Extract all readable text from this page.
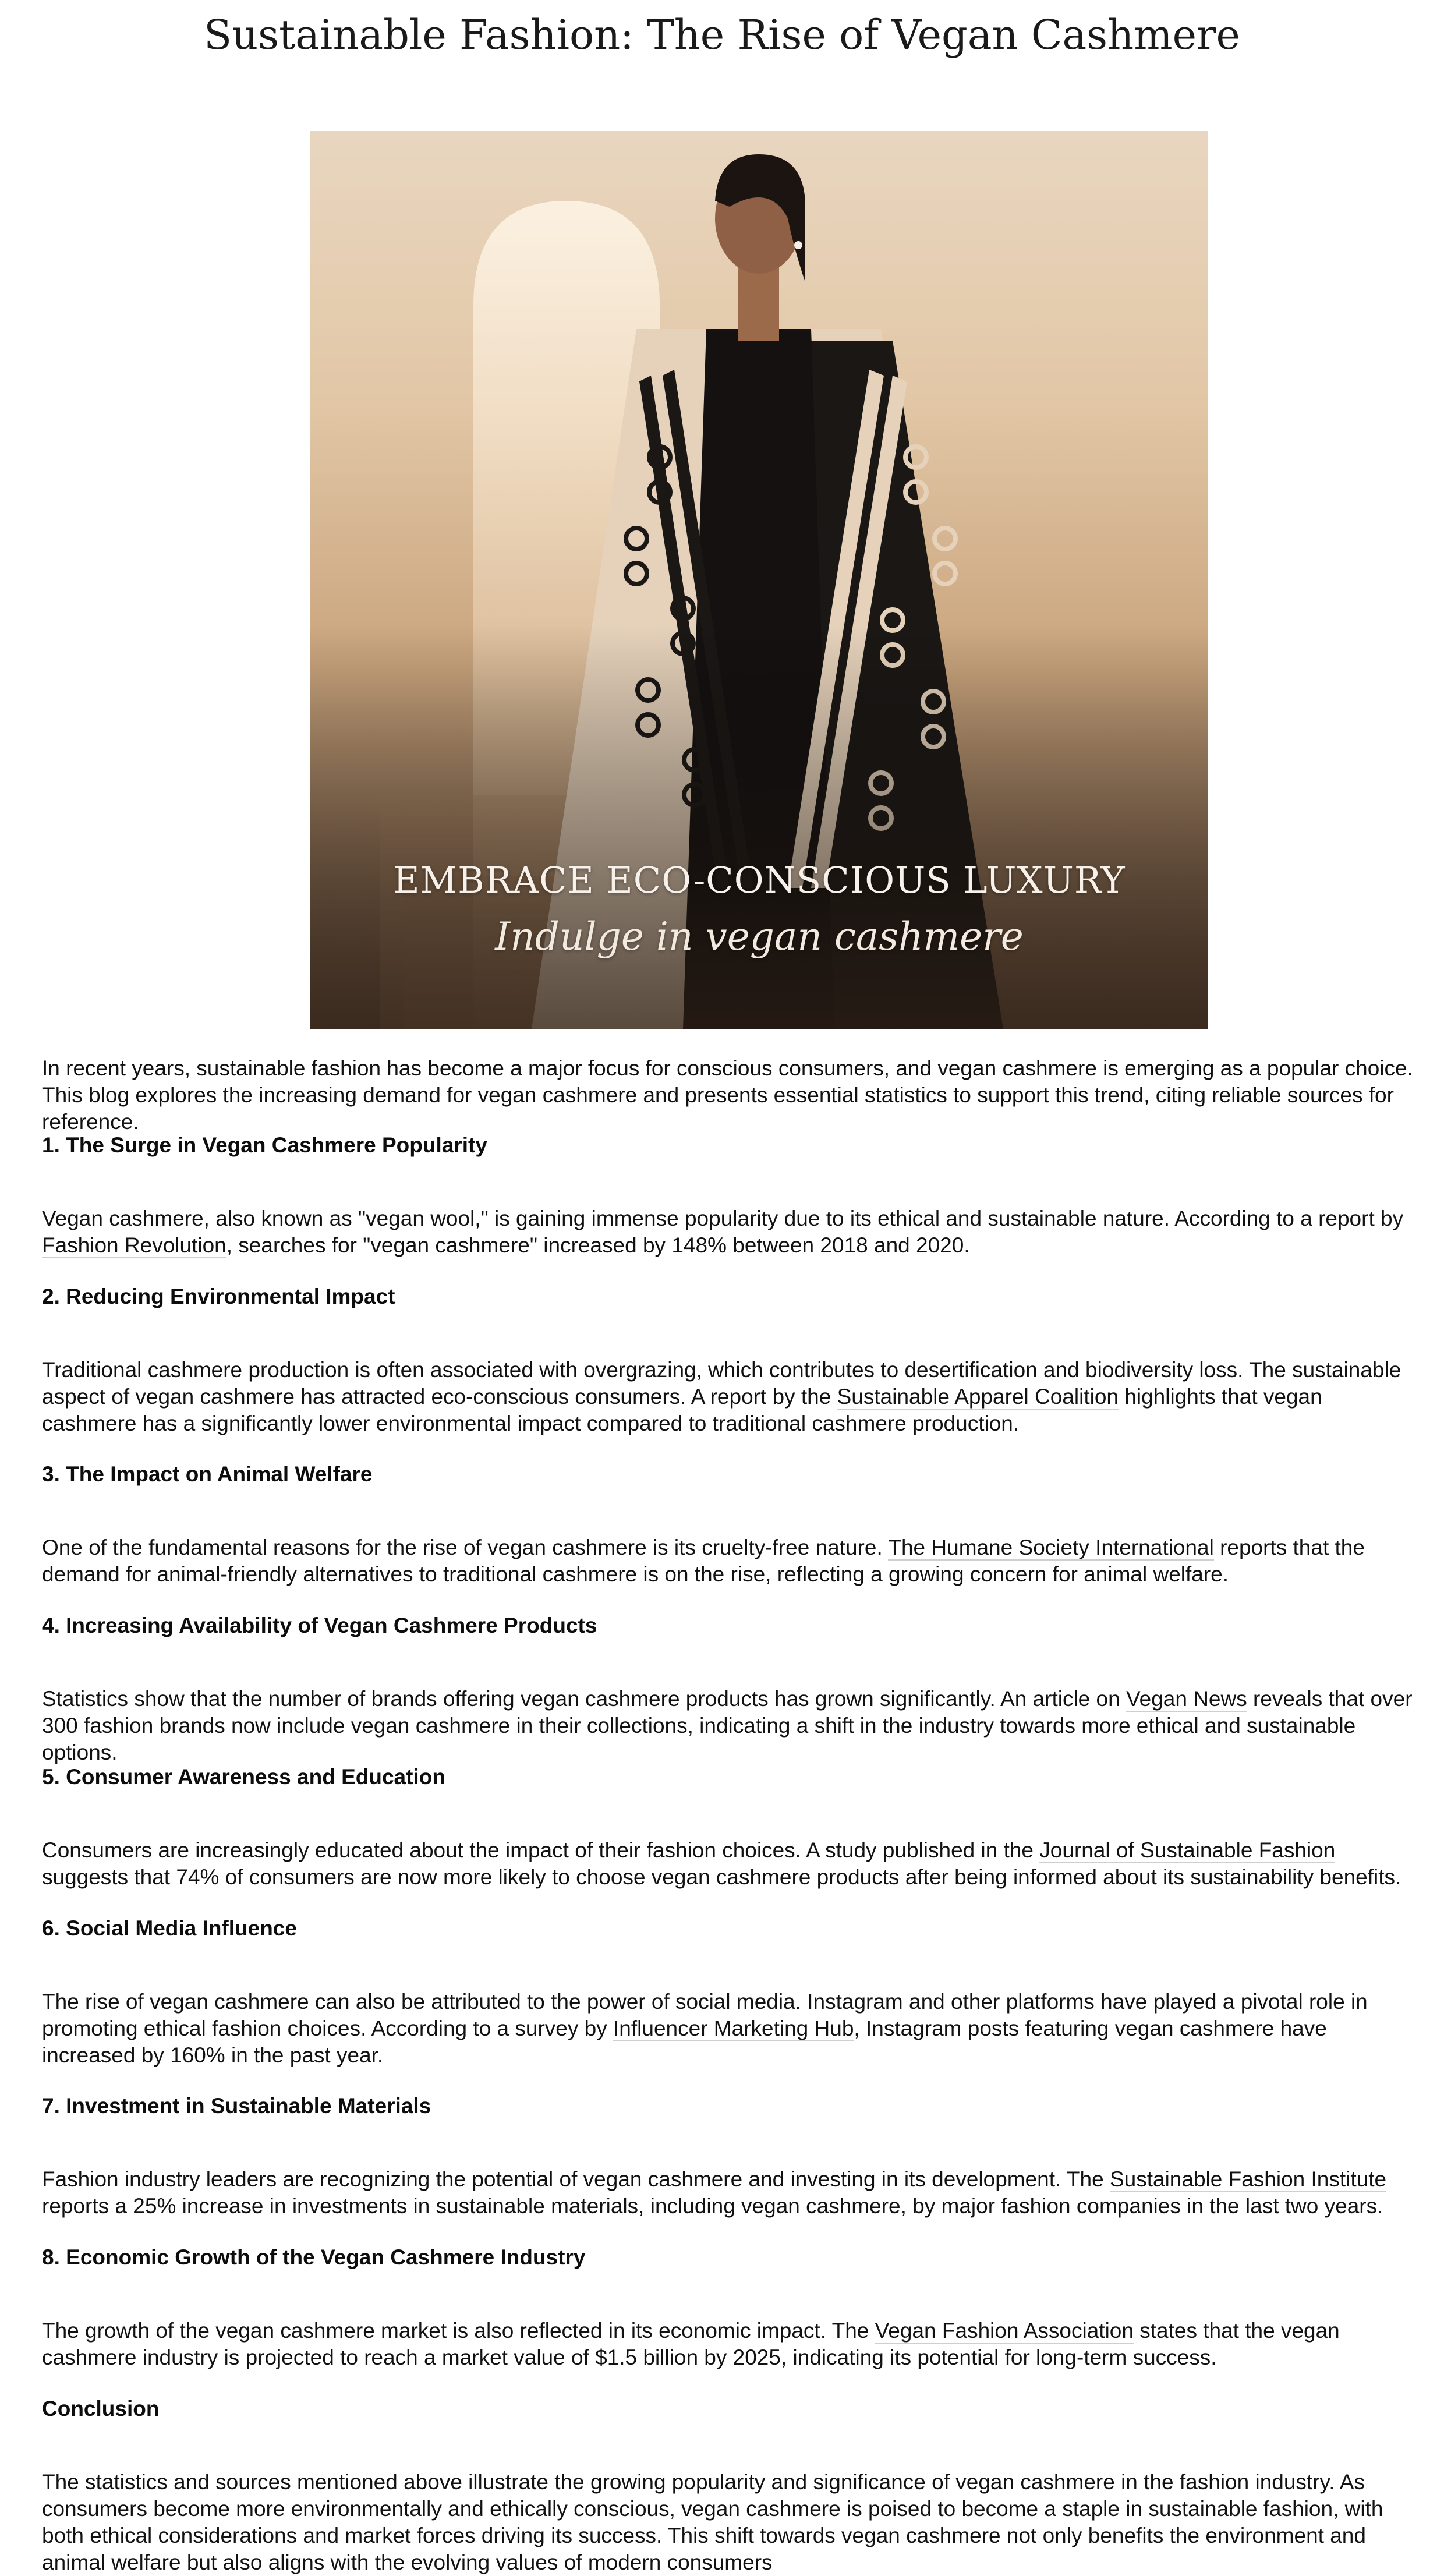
Sustainable Fashion: The Rise of Vegan Cashmere
EMBRACE ECO-CONSCIOUS LUXURY
Indulge in vegan cashmere

In recent years, sustainable fashion has become a major focus for conscious consumers, and vegan cashmere is emerging as a popular choice. This blog explores the increasing demand for vegan cashmere and presents essential statistics to support this trend, citing reliable sources for reference.

1. The Surge in Vegan Cashmere Popularity

Vegan cashmere, also known as "vegan wool," is gaining immense popularity due to its ethical and sustainable nature. According to a report by Fashion Revolution, searches for "vegan cashmere" increased by 148% between 2018 and 2020.

2. Reducing Environmental Impact

Traditional cashmere production is often associated with overgrazing, which contributes to desertification and biodiversity loss. The sustainable aspect of vegan cashmere has attracted eco-conscious consumers. A report by the Sustainable Apparel Coalition highlights that vegan cashmere has a significantly lower environmental impact compared to traditional cashmere production.

3. The Impact on Animal Welfare

One of the fundamental reasons for the rise of vegan cashmere is its cruelty-free nature. The Humane Society International reports that the demand for animal-friendly alternatives to traditional cashmere is on the rise, reflecting a growing concern for animal welfare.

4. Increasing Availability of Vegan Cashmere Products

Statistics show that the number of brands offering vegan cashmere products has grown significantly. An article on Vegan News reveals that over 300 fashion brands now include vegan cashmere in their collections, indicating a shift in the industry towards more ethical and sustainable options.

5. Consumer Awareness and Education

Consumers are increasingly educated about the impact of their fashion choices. A study published in the Journal of Sustainable Fashion suggests that 74% of consumers are now more likely to choose vegan cashmere products after being informed about its sustainability benefits.

6. Social Media Influence

The rise of vegan cashmere can also be attributed to the power of social media. Instagram and other platforms have played a pivotal role in promoting ethical fashion choices. According to a survey by Influencer Marketing Hub, Instagram posts featuring vegan cashmere have increased by 160% in the past year.

7. Investment in Sustainable Materials

Fashion industry leaders are recognizing the potential of vegan cashmere and investing in its development. The Sustainable Fashion Institute reports a 25% increase in investments in sustainable materials, including vegan cashmere, by major fashion companies in the last two years.

8. Economic Growth of the Vegan Cashmere Industry

The growth of the vegan cashmere market is also reflected in its economic impact. The Vegan Fashion Association states that the vegan cashmere industry is projected to reach a market value of $1.5 billion by 2025, indicating its potential for long-term success.

Conclusion

The statistics and sources mentioned above illustrate the growing popularity and significance of vegan cashmere in the fashion industry. As consumers become more environmentally and ethically conscious, vegan cashmere is poised to become a staple in sustainable fashion, with both ethical considerations and market forces driving its success. This shift towards vegan cashmere not only benefits the environment and animal welfare but also aligns with the evolving values of modern consumers
